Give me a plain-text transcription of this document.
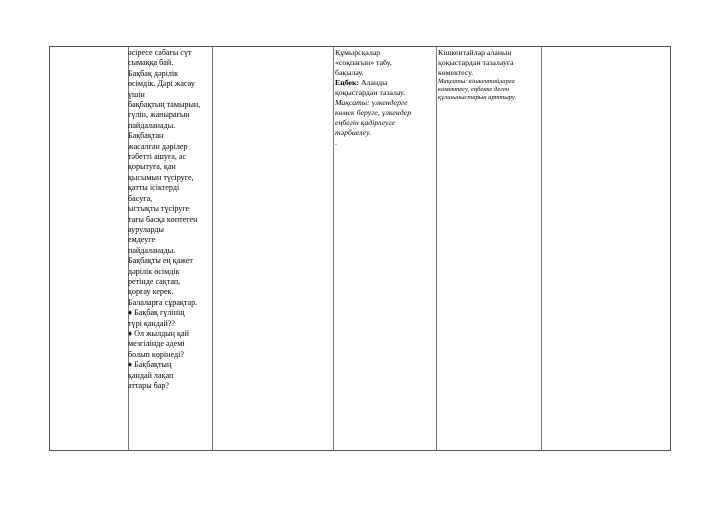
әсіресе сабағы сүт
сымаққа бай.
Бақбақ дәрілік
өсімдік. Дәрі жасау
үшін
бақбақтың тамырын,
гүлін, жапырағын
пайдаланады.
Бақбақтан
жасалған дәрілер
тәбетті ашуға, ас
қорытуға, қан
қысымын түсіруге,
қатты ісіктерді
басуға,
ыстықты түсіруге
тағы басқа көптеген
ауруларды
емдеуге
пайдаланады.
Бақбақты ең қажет
дәрілік өсімдік
ретінде сақтап,
қорғау керек.
Балаларға сұрақтар.
♦ Бақбақ гүлінің
түрі қандай??
♦ Ол жылдың қай
мезгілінде әдемі
болып көрінеді?
♦ Бақбақтың
қандай лақап
аттары бар?
Құмырсқалар
«соқпағын» табу,
бақылау.
Еңбек: Аланды
қоқыстардан тазалау.
Мақсаты: үлкендерге
көмек беруге, үлкендер
еңбегін қадірлеуге
тәрбиелеу.
.
Кішкентайлар аланын
қоқыстардан тазалауға
көмектесу.
Мақсаты: кішкентайларға
көмектесу, еңбекке деген
құлшыныстарын арттыру.
